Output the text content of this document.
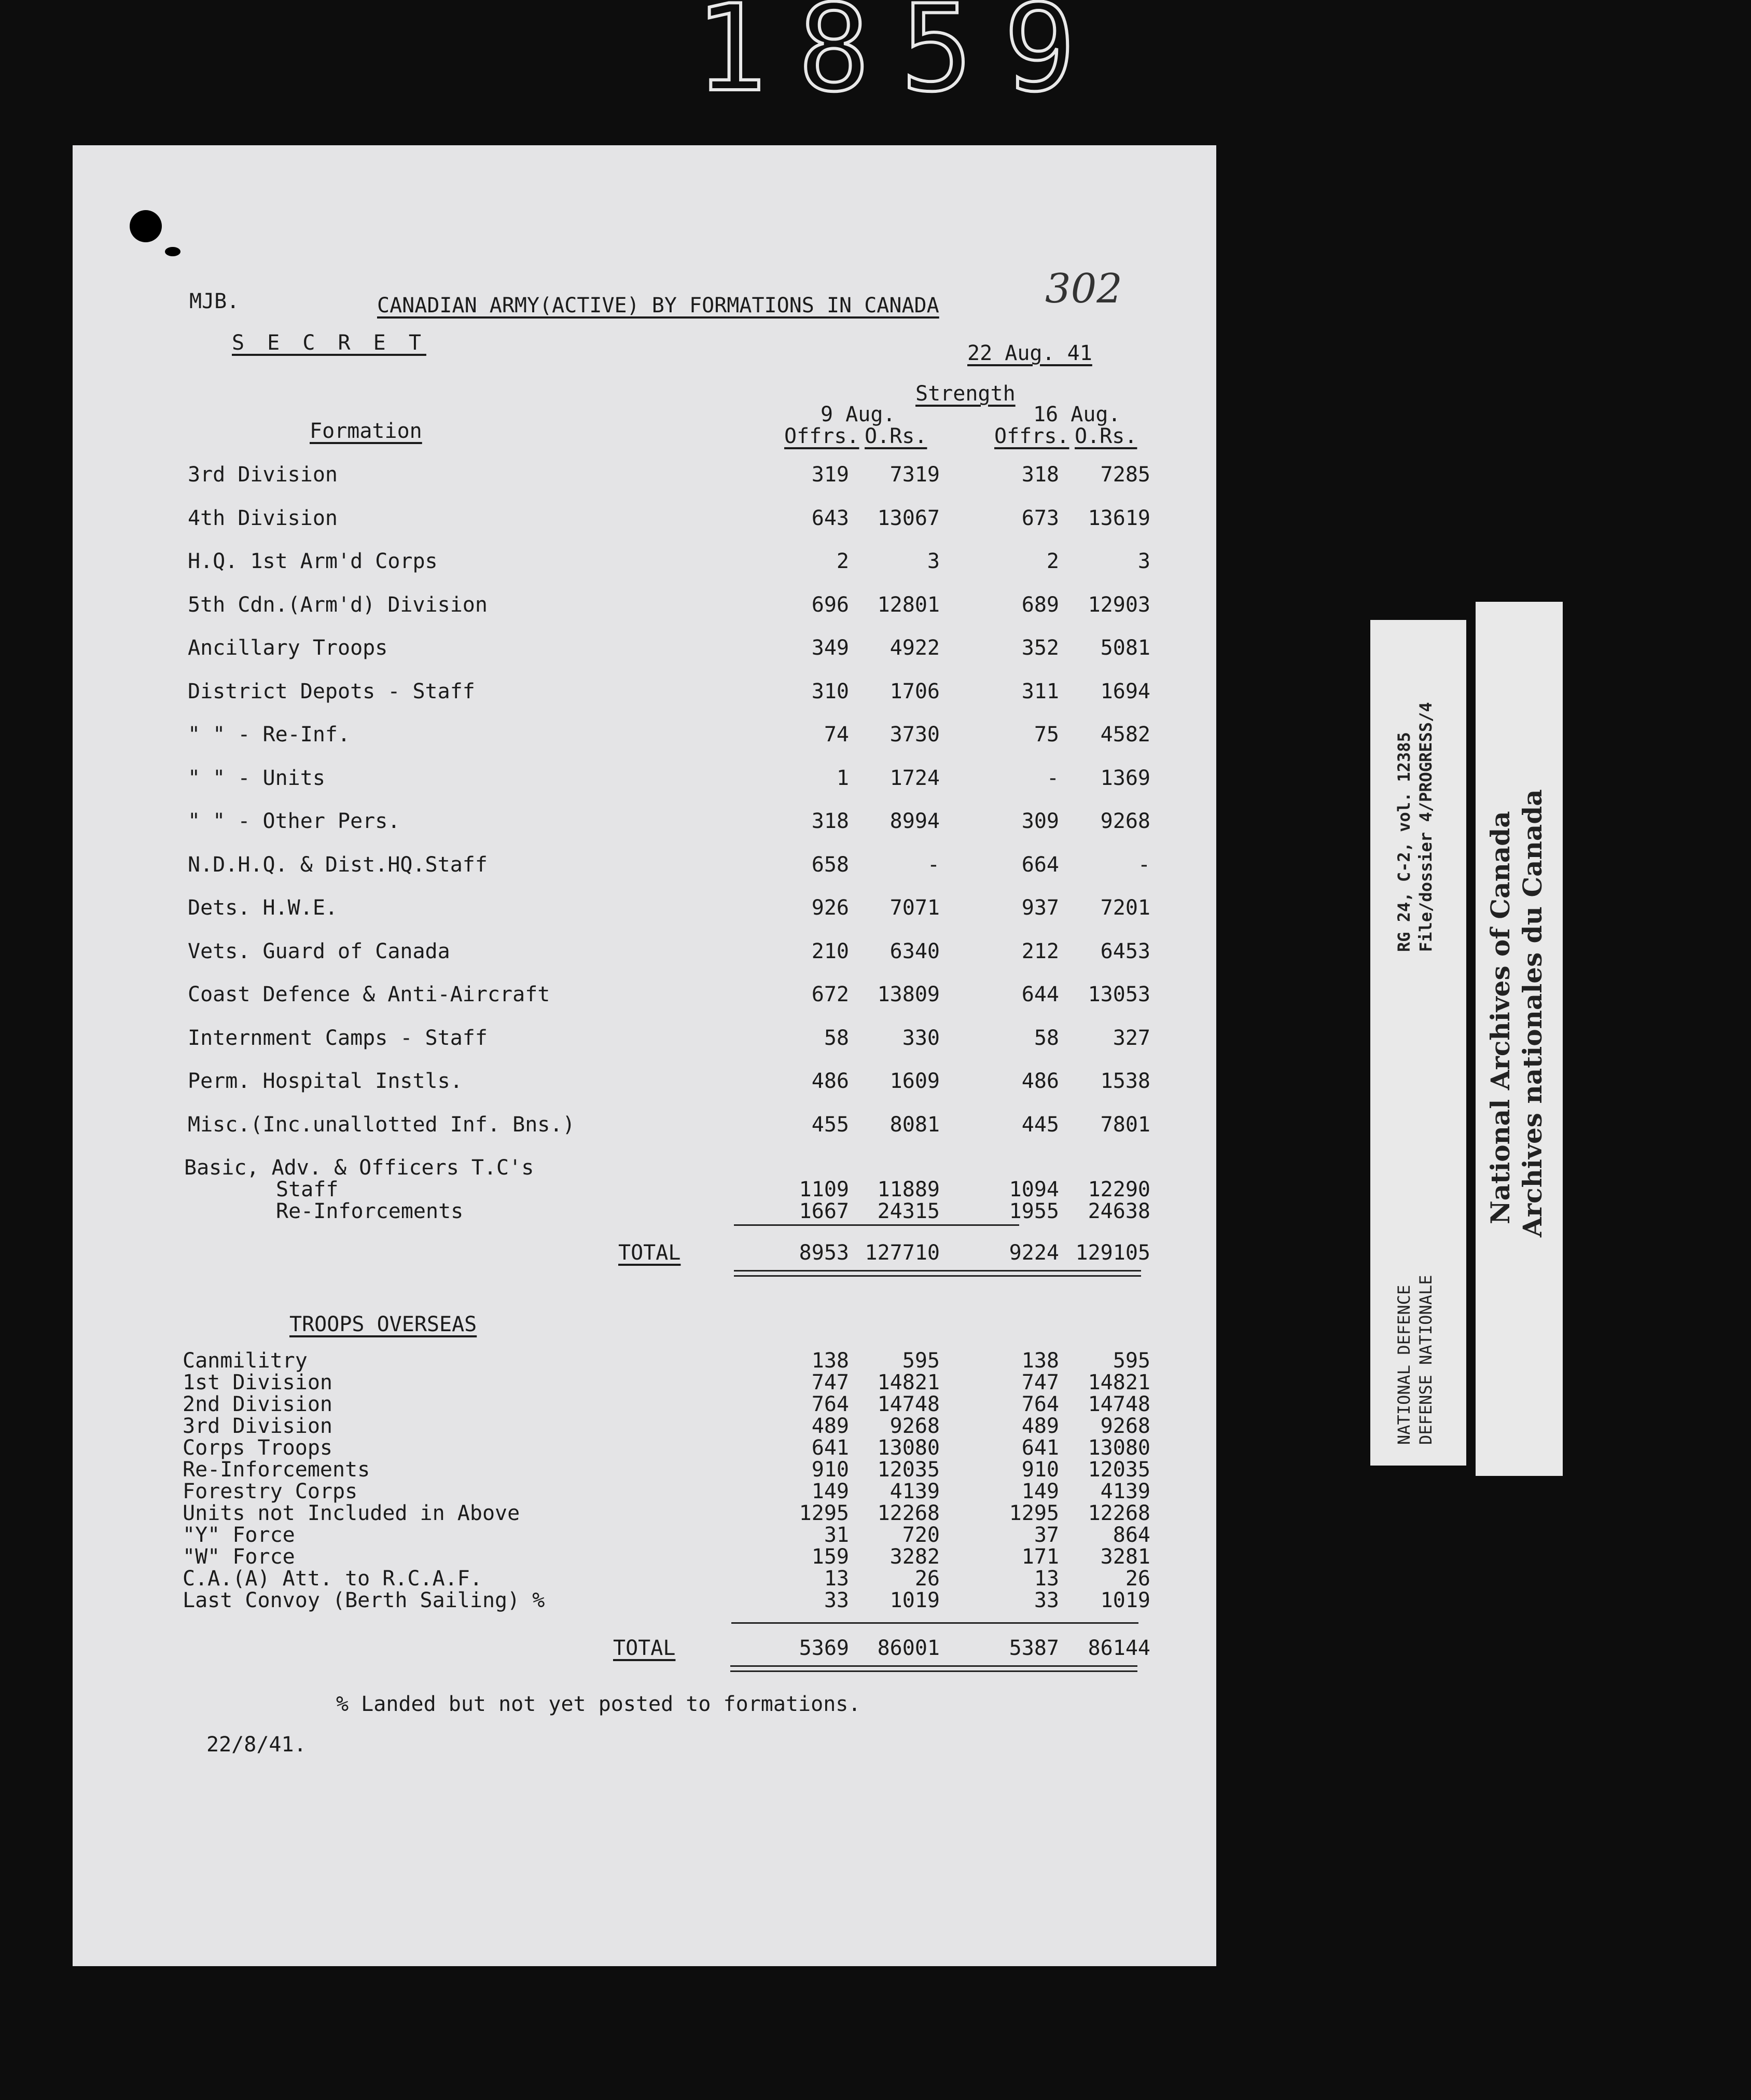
1859
MJB.	CANADIAN ARMY(ACTIVE) BY FORMATIONS IN CANADA	302
S E C R E T	22 Aug. 41
Strength
9 Aug.	16 Aug.
Formation	Offrs. O.Rs.	Offrs. O.Rs.
3rd Division	319 7319	318 7285
4th Division	643 13067	673 13619
H.Q. 1st Arm'd Corps	2	3	2	3
5th Cdn.(Arm'd) Division	696 12801	689 12903
Ancillary Troops	349 4922	352 5081
District Depots - Staff	310 1706	311 1694
" " - Re-Inf.	74 3730	75 4582
" " - Units	1 1724	- 1369
" " - Other Pers.	318 8994	309 9268
N.D.H.Q. & Dist.HQ.Staff	658	-	664	-
Dets. H.W.E.	926 7071	937 7201
Vets. Guard of Canada	210 6340	212 6453
Coast Defence & Anti-Aircraft	672 13809	644 13053
Internment Camps - Staff	58	330	58	327
Perm. Hospital Instls.	486 1609	486 1538
Misc.(Inc.unallotted Inf. Bns.)	455 8081	445 7801
Basic, Adv. & Officers T.C's
Staff	1109 11889	1094 12290
Re-Inforcements	1667 24315	1955 24638
TOTAL	8953 127710	9224 129105
TROOPS OVERSEAS
Canmilitry	138	595	138	595
1st Division	747 14821	747 14821
2nd Division	764 14748	764 14748
3rd Division	489 9268	489 9268
Corps Troops	641 13080	641 13080
Re-Inforcements	910 12035	910 12035
Forestry Corps	149 4139	149 4139
Units not Included in Above	1295 12268	1295 12268
"Y" Force	31	720	37	864
"W" Force	159 3282	171 3281
C.A.(A) Att. to R.C.A.F.	13	26	13	26
Last Convoy (Berth Sailing) %	33 1019	33 1019
TOTAL	5369 86001	5387 86144
% Landed but not yet posted to formations.
22/8/41.
RG 24, C-2, vol. 12385 File/dossier 4/PROGRESS/4
NATIONAL DEFENCE DEFENSE NATIONALE
National Archives of Canada Archives nationales du Canada
